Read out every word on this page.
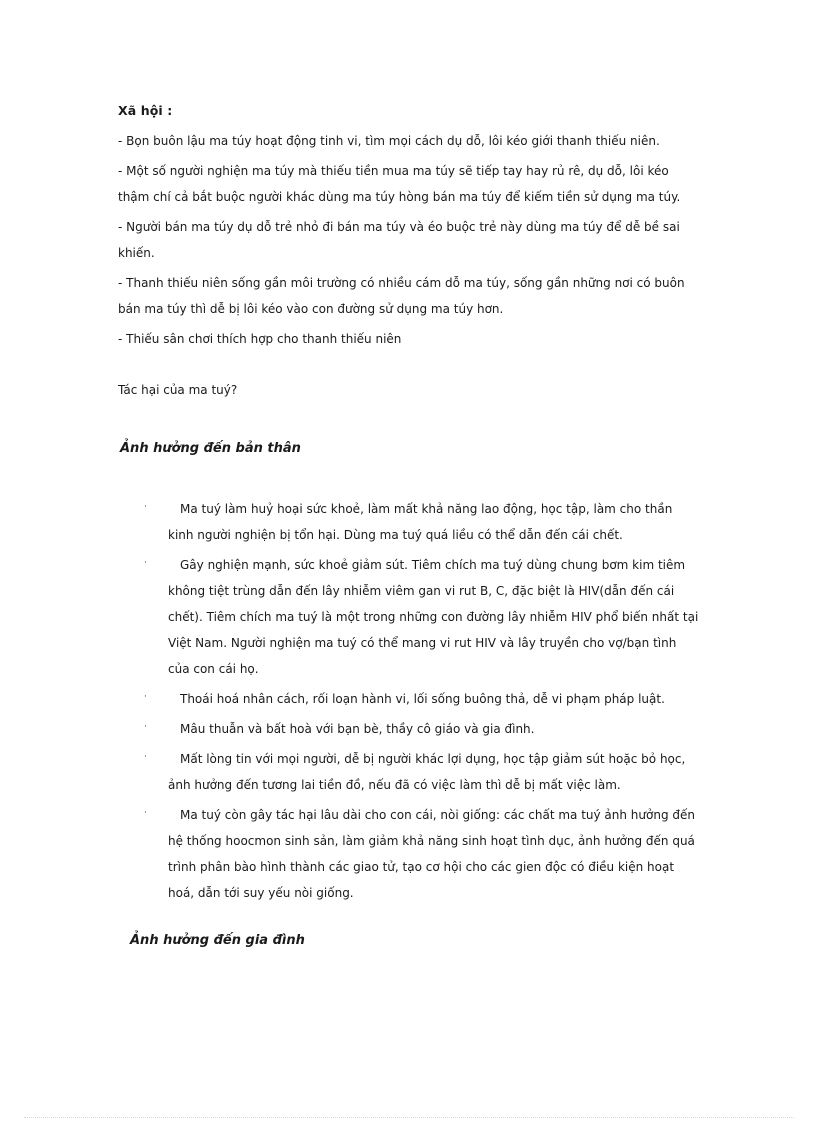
Xã hội :

- Bọn buôn lậu ma túy hoạt động tinh vi, tìm mọi cách dụ dỗ, lôi kéo giới thanh thiếu niên.

- Một số người nghiện ma túy mà thiếu tiền mua ma túy sẽ tiếp tay hay rủ rê, dụ dỗ, lôi kéo thậm chí cả bắt buộc người khác dùng ma túy hòng bán ma túy để kiếm tiền sử dụng ma túy.

- Người bán ma túy dụ dỗ trẻ nhỏ đi bán ma túy và éo buộc trẻ này dùng ma túy để dễ bề sai khiến.

- Thanh thiếu niên sống gần môi trường có nhiều cám dỗ ma túy, sống gần những nơi có buôn bán ma túy thì dễ bị lôi kéo vào con đường sử dụng ma túy hơn.

- Thiếu sân chơi thích hợp cho thanh thiếu niên

Tác hại của ma tuý?
Ảnh hưởng đến bản thân
·	Ma tuý làm huỷ hoại sức khoẻ, làm mất khả năng lao động, học tập, làm cho thần kinh người nghiện bị tổn hại. Dùng ma tuý quá liều có thể dẫn đến cái chết.
·	Gây nghiện mạnh, sức khoẻ giảm sút. Tiêm chích ma tuý dùng chung bơm kim tiêm không tiệt trùng dẫn đến lây nhiễm viêm gan vi rut B, C, đặc biệt là HIV(dẫn đến cái chết). Tiêm chích ma tuý là một trong những con đường lây nhiễm HIV phổ biến nhất tại Việt Nam. Người nghiện ma tuý có thể mang vi rut HIV và lây truyền cho vợ/bạn tình của con cái họ.
·	Thoái hoá nhân cách, rối loạn hành vi, lối sống buông thả, dễ vi phạm pháp luật.
·	Mâu thuẫn và bất hoà với bạn bè, thầy cô giáo và gia đình.
·	Mất lòng tin với mọi người, dễ bị người khác lợi dụng, học tập giảm sút hoặc bỏ học, ảnh hưởng đến tương lai tiền đồ, nếu đã có việc làm thì dễ bị mất việc làm.
·	Ma tuý còn gây tác hại lâu dài cho con cái, nòi giống: các chất ma tuý ảnh hưởng đến hệ thống hoocmon sinh sản, làm giảm khả năng sinh hoạt tình dục, ảnh hưởng đến quá trình phân bào hình thành các giao tử, tạo cơ hội cho các gien độc có điều kiện hoạt hoá, dẫn tới suy yếu nòi giống.
Ảnh hưởng đến gia đình
